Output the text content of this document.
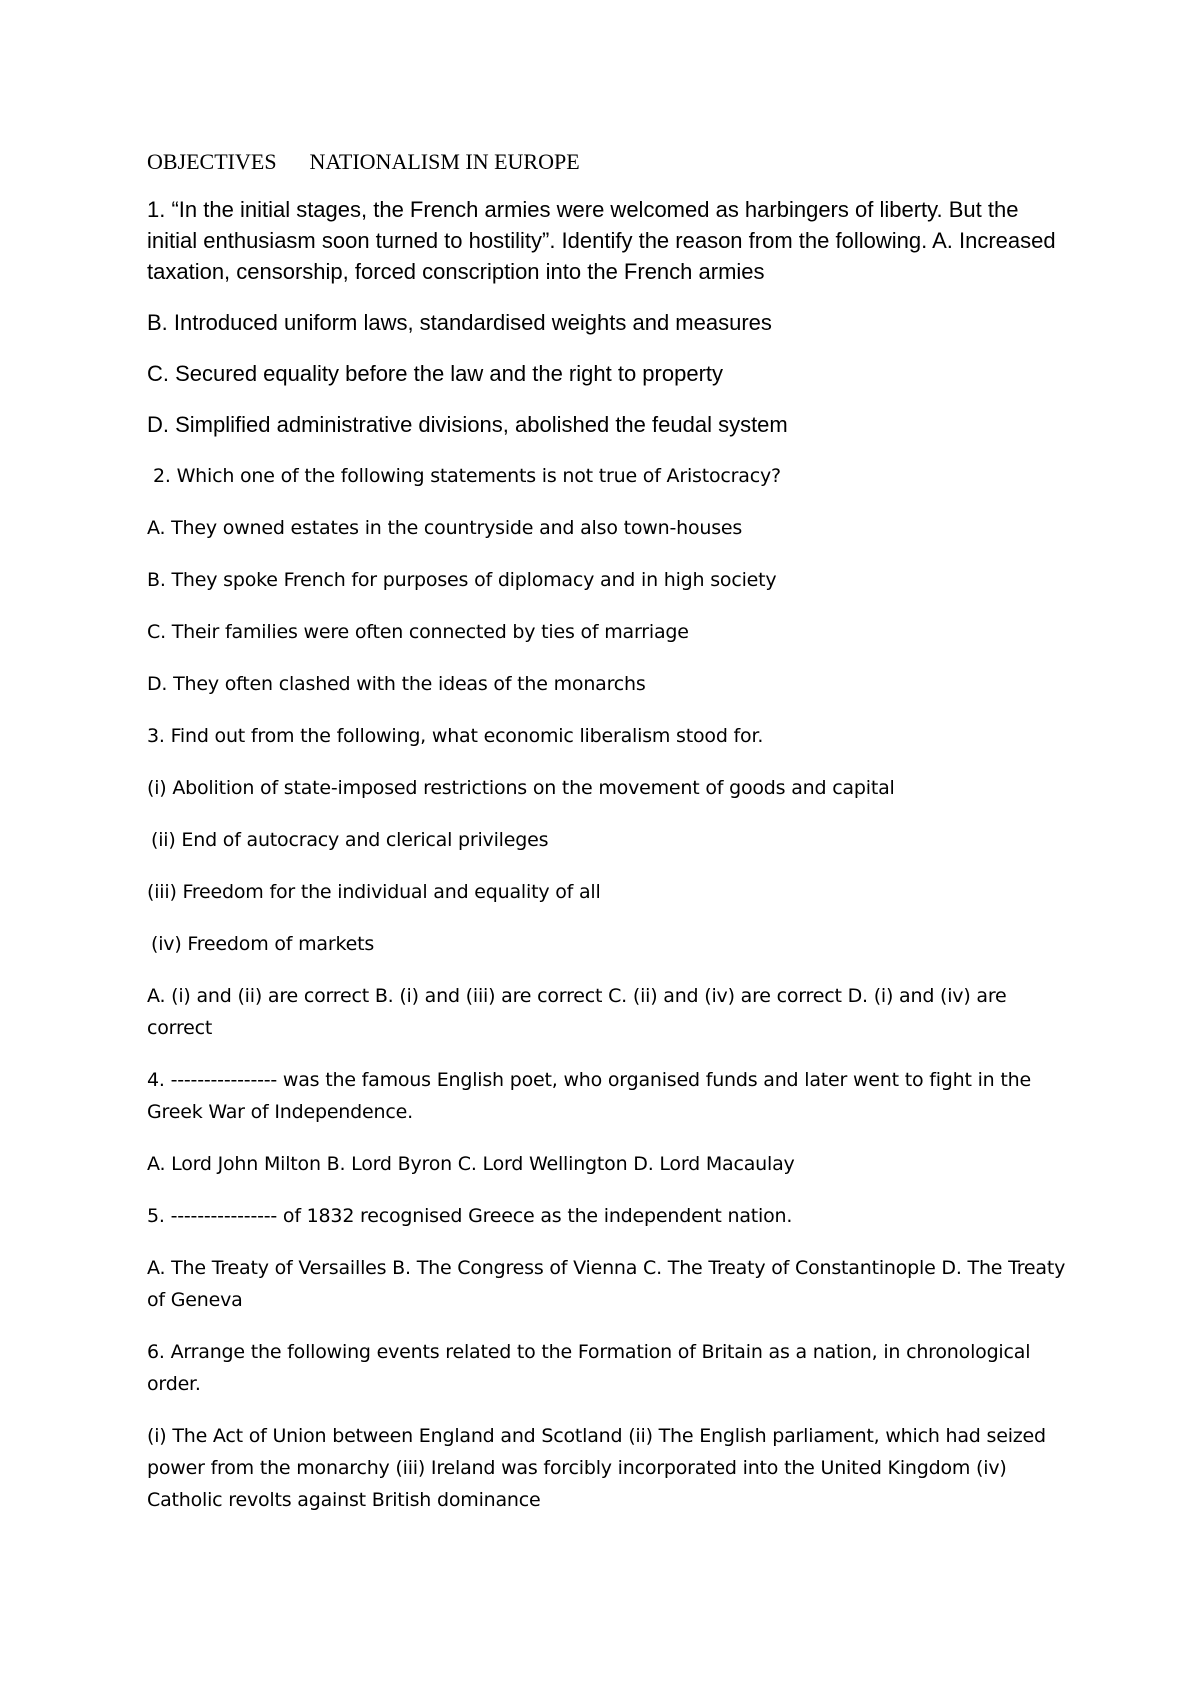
OBJECTIVES      NATIONALISM IN EUROPE

1. “In the initial stages, the French armies were welcomed as harbingers of liberty. But the initial enthusiasm soon turned to hostility”. Identify the reason from the following. A. Increased taxation, censorship, forced conscription into the French armies

B. Introduced uniform laws, standardised weights and measures

C. Secured equality before the law and the right to property

D. Simplified administrative divisions, abolished the feudal system

2. Which one of the following statements is not true of Aristocracy?

A. They owned estates in the countryside and also town-houses

B. They spoke French for purposes of diplomacy and in high society

C. Their families were often connected by ties of marriage

D. They often clashed with the ideas of the monarchs

3. Find out from the following, what economic liberalism stood for.

(i) Abolition of state-imposed restrictions on the movement of goods and capital

(ii) End of autocracy and clerical privileges

(iii) Freedom for the individual and equality of all

(iv) Freedom of markets

A. (i) and (ii) are correct B. (i) and (iii) are correct C. (ii) and (iv) are correct D. (i) and (iv) are correct

4. ---------------- was the famous English poet, who organised funds and later went to fight in the Greek War of Independence.

A. Lord John Milton B. Lord Byron C. Lord Wellington D. Lord Macaulay

5. ---------------- of 1832 recognised Greece as the independent nation.

A. The Treaty of Versailles B. The Congress of Vienna C. The Treaty of Constantinople D. The Treaty of Geneva

6. Arrange the following events related to the Formation of Britain as a nation, in chronological order.

(i) The Act of Union between England and Scotland (ii) The English parliament, which had seized power from the monarchy (iii) Ireland was forcibly incorporated into the United Kingdom (iv) Catholic revolts against British dominance
